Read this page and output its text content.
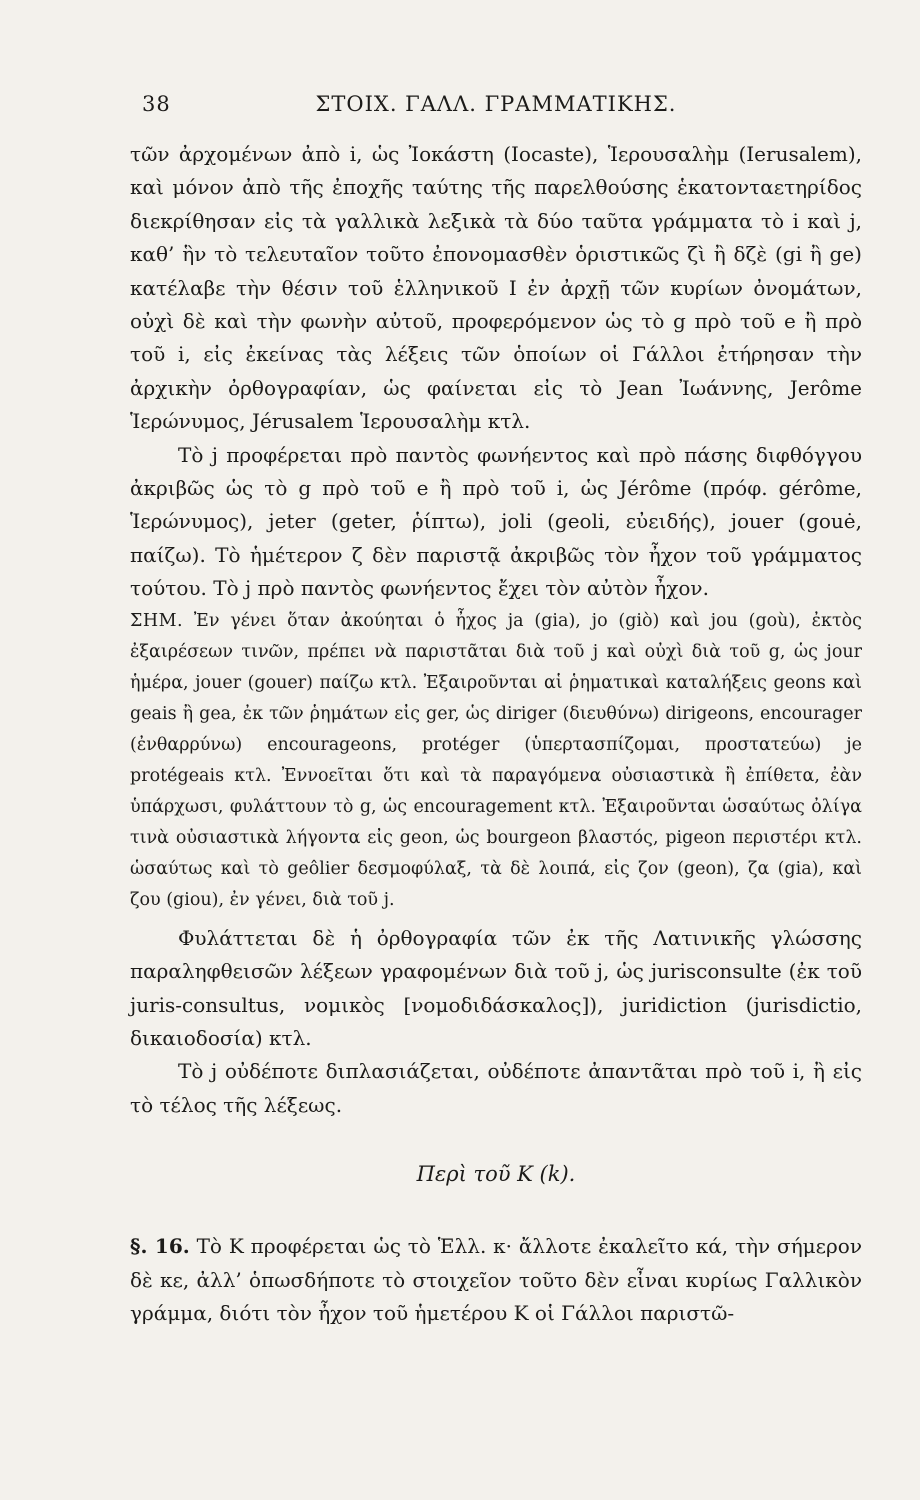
38	ΣΤΟΙΧ. ΓΑΛΛ. ΓΡΑΜΜΑΤΙΚΗΣ.

τῶν ἀρχομένων ἀπὸ i, ὡς Ἰοκάστη (Iocaste), Ἱερουσαλὴμ (Ierusalem), καὶ μόνον ἀπὸ τῆς ἐποχῆς ταύτης τῆς παρελθούσης ἑκατονταετηρίδος διεκρίθησαν εἰς τὰ γαλλικὰ λεξικὰ τὰ δύο ταῦτα γράμματα τὸ i καὶ j, καθ’ ἣν τὸ τελευταῖον τοῦτο ἐπονομασθὲν ὁριστικῶς ζὶ ἢ δζὲ (gi ἢ ge) κατέλαβε τὴν θέσιν τοῦ ἑλληνικοῦ I ἐν ἀρχῇ τῶν κυρίων ὀνομάτων, οὐχὶ δὲ καὶ τὴν φωνὴν αὐτοῦ, προφερόμενον ὡς τὸ g πρὸ τοῦ e ἢ πρὸ τοῦ i, εἰς ἐκείνας τὰς λέξεις τῶν ὁποίων οἱ Γάλλοι ἐτήρησαν τὴν ἀρχικὴν ὀρθογραφίαν, ὡς φαίνεται εἰς τὸ Jean Ἰωάννης, Jerôme Ἱερώνυμος, Jérusalem Ἱερουσαλὴμ κτλ.

Τὸ j προφέρεται πρὸ παντὸς φωνήεντος καὶ πρὸ πάσης διφθόγγου ἀκριβῶς ὡς τὸ g πρὸ τοῦ e ἢ πρὸ τοῦ i, ὡς Jérôme (πρόφ. gérôme, Ἱερώνυμος), jeter (geter, ῥίπτω), joli (geoli, εὐειδής), jouer (gouė, παίζω). Τὸ ἡμέτερον ζ δὲν παριστᾷ ἀκριβῶς τὸν ἦχον τοῦ γράμματος τούτου. Τὸ j πρὸ παντὸς φωνήεντος ἔχει τὸν αὐτὸν ἦχον.

ΣΗΜ. Ἐν γένει ὅταν ἀκούηται ὁ ἦχος ja (gia), jo (giò) καὶ jou (goù), ἐκτὸς ἐξαιρέσεων τινῶν, πρέπει νὰ παριστᾶται διὰ τοῦ j καὶ οὐχὶ διὰ τοῦ g, ὡς jour ἡμέρα, jouer (gouer) παίζω κτλ. Ἐξαιροῦνται αἱ ῥηματικαὶ καταλήξεις geons καὶ geais ἢ gea, ἐκ τῶν ῥημάτων εἰς ger, ὡς diriger (διευθύνω) dirigeons, encourager (ἐνθαρρύνω) encourageons, protéger (ὑπερτασπίζομαι, προστατεύω) je protégeais κτλ. Ἐννοεῖται ὅτι καὶ τὰ παραγόμενα οὐσιαστικὰ ἢ ἐπίθετα, ἐὰν ὑπάρχωσι, φυλάττουν τὸ g, ὡς encouragement κτλ. Ἐξαιροῦνται ὡσαύτως ὀλίγα τινὰ οὐσιαστικὰ λήγοντα εἰς geon, ὡς bourgeon βλαστός, pigeon περιστέρι κτλ. ὡσαύτως καὶ τὸ geôlier δεσμοφύλαξ, τὰ δὲ λοιπά, εἰς ζον (geon), ζα (gia), καὶ ζου (giou), ἐν γένει, διὰ τοῦ j.

Φυλάττεται δὲ ἡ ὀρθογραφία τῶν ἐκ τῆς Λατινικῆς γλώσσης παραληφθεισῶν λέξεων γραφομένων διὰ τοῦ j, ὡς jurisconsulte (ἐκ τοῦ juris-consultus, νομικὸς [νομοδιδάσκαλος]), juridiction (jurisdictio, δικαιοδοσία) κτλ.

Τὸ j οὐδέποτε διπλασιάζεται, οὐδέποτε ἀπαντᾶται πρὸ τοῦ i, ἢ εἰς τὸ τέλος τῆς λέξεως.

Περὶ τοῦ Κ (k).

§. 16. Τὸ Κ προφέρεται ὡς τὸ Ἑλλ. κ· ἄλλοτε ἐκαλεῖτο κά, τὴν σήμερον δὲ κε, ἀλλ’ ὁπωσδήποτε τὸ στοιχεῖον τοῦτο δὲν εἶναι κυρίως Γαλλικὸν γράμμα, διότι τὸν ἦχον τοῦ ἡμετέρου Κ οἱ Γάλλοι παριστῶ-
